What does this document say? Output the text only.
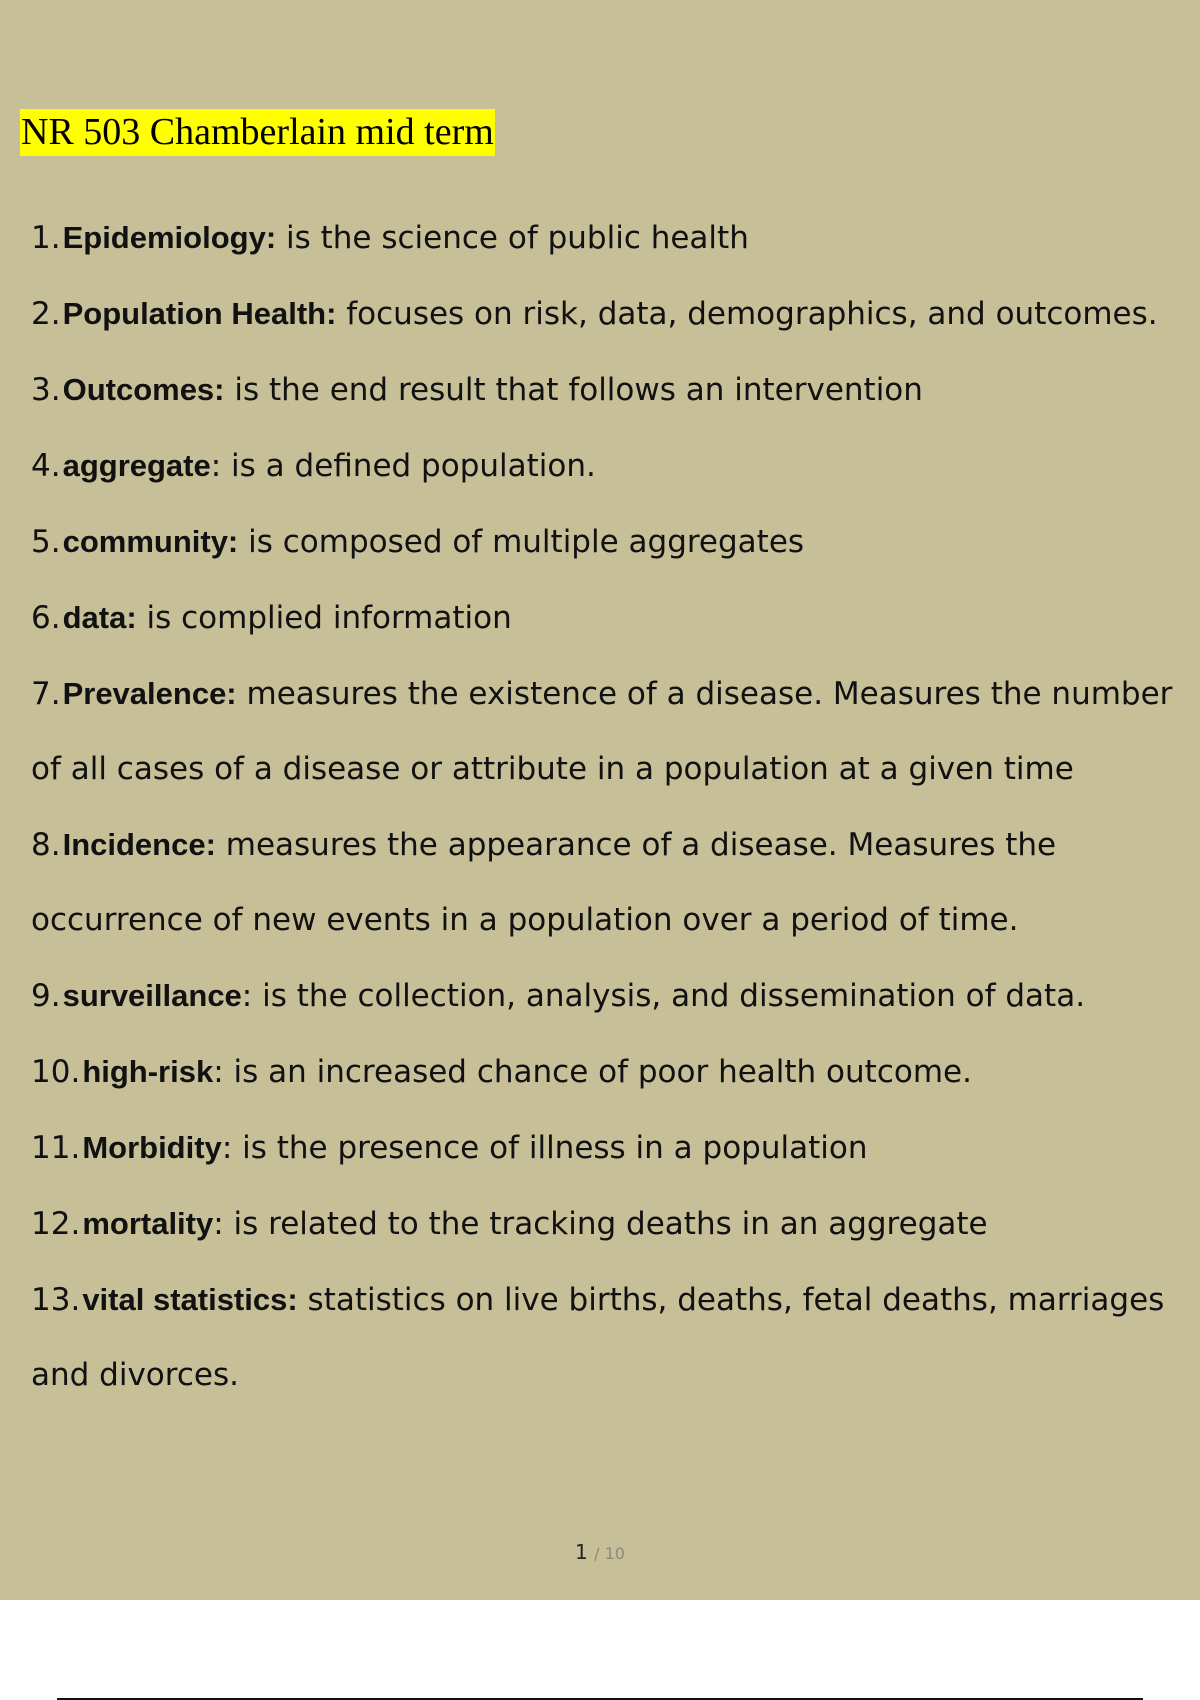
NR 503 Chamberlain mid term

1.Epidemiology: is the science of public health

2.Population Health: focuses on risk, data, demographics, and outcomes.

3.Outcomes: is the end result that follows an intervention

4.aggregate: is a defined population.

5.community: is composed of multiple aggregates

6.data: is complied information

7.Prevalence: measures the existence of a disease. Measures the number of all cases of a disease or attribute in a population at a given time

8.Incidence: measures the appearance of a disease. Measures the occurrence of new events in a population over a period of time.

9.surveillance: is the collection, analysis, and dissemination of data.

10.high-risk: is an increased chance of poor health outcome.

11.Morbidity: is the presence of illness in a population

12.mortality: is related to the tracking deaths in an aggregate

13.vital statistics: statistics on live births, deaths, fetal deaths, marriages and divorces.

1 / 10
